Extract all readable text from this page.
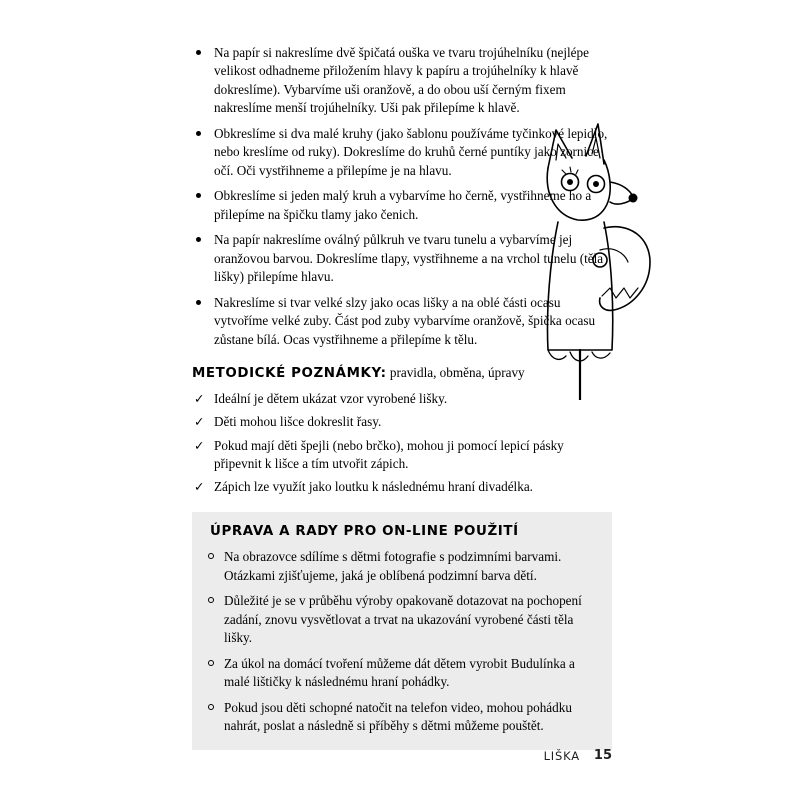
Na papír si nakreslíme dvě špičatá ouška ve tvaru trojúhelníku (nejlépe velikost odhadneme přiložením hlavy k papíru a trojúhelníky k hlavě dokreslíme). Vybarvíme uši oranžově, a do obou uší černým fixem nakreslíme menší trojúhelníky. Uši pak přilepíme k hlavě.
Obkreslíme si dva malé kruhy (jako šablonu používáme tyčinkové lepidlo, nebo kreslíme od ruky). Dokreslíme do kruhů černé puntíky jako zornice očí. Oči vystřihneme a přilepíme je na hlavu.
Obkreslíme si jeden malý kruh a vybarvíme ho černě, vystřihneme ho a přilepíme na špičku tlamy jako čenich.
Na papír nakreslíme oválný půlkruh ve tvaru tunelu a vybarvíme jej oranžovou barvou. Dokreslíme tlapy, vystřihneme a na vrchol tunelu (těla lišky) přilepíme hlavu.
Nakreslíme si tvar velké slzy jako ocas lišky a na oblé části ocasu vytvoříme velké zuby. Část pod zuby vybarvíme oranžově, špička ocasu zůstane bílá. Ocas vystřihneme a přilepíme k tělu.
METODICKÉ POZNÁMKY: pravidla, obměna, úpravy
✓ Ideální je dětem ukázat vzor vyrobené lišky.
✓ Děti mohou lišce dokreslit řasy.
✓ Pokud mají děti špejli (nebo brčko), mohou ji pomocí lepicí pásky připevnit k lišce a tím utvořit zápich.
✓ Zápich lze využít jako loutku k následnému hraní divadélka.
ÚPRAVA A RADY PRO ON-LINE POUŽITÍ
Na obrazovce sdílíme s dětmi fotografie s podzimními barvami. Otázkami zjišťujeme, jaká je oblíbená podzimní barva dětí.
Důležité je se v průběhu výroby opakovaně dotazovat na pochopení zadání, znovu vysvětlovat a trvat na ukazování vyrobené části těla lišky.
Za úkol na domácí tvoření můžeme dát dětem vyrobit Budulínka a malé lištičky k následnému hraní pohádky.
Pokud jsou děti schopné natočit na telefon video, mohou pohádku nahrát, poslat a následně si příběhy s dětmi můžeme pouštět.
LIŠKA 15
